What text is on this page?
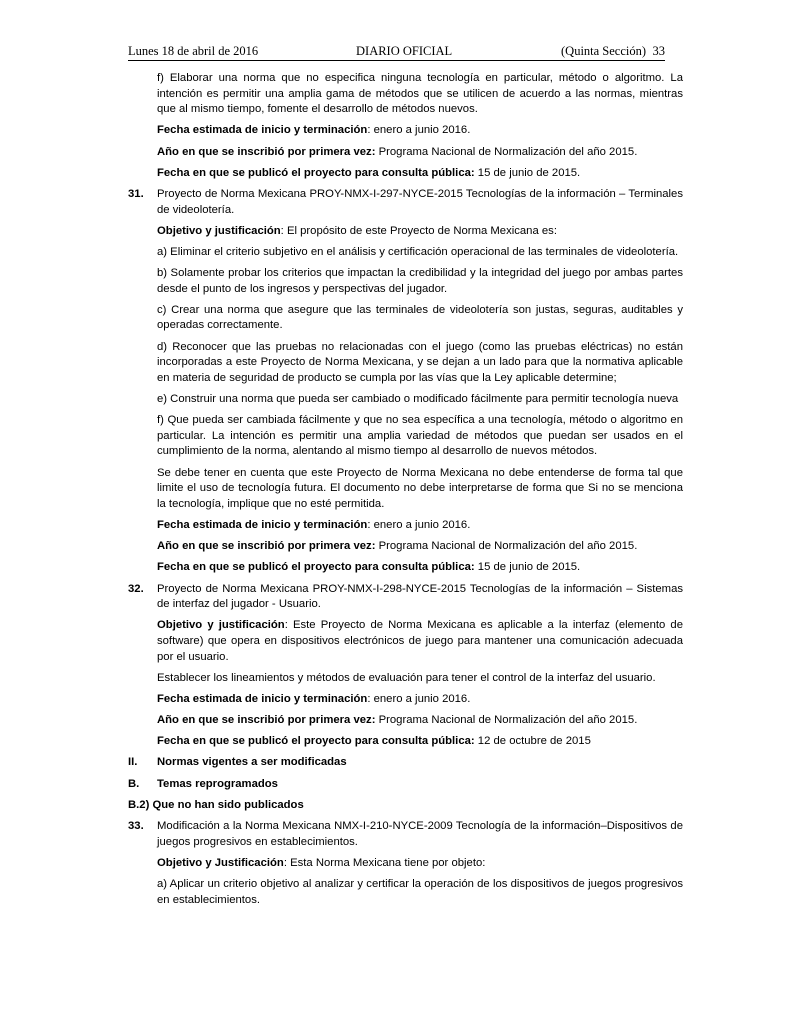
Lunes 18 de abril de 2016	DIARIO OFICIAL	(Quinta Sección) 33

f) Elaborar una norma que no especifica ninguna tecnología en particular, método o algoritmo. La intención es permitir una amplia gama de métodos que se utilicen de acuerdo a las normas, mientras que al mismo tiempo, fomente el desarrollo de métodos nuevos.

Fecha estimada de inicio y terminación: enero a junio 2016.

Año en que se inscribió por primera vez: Programa Nacional de Normalización del año 2015.

Fecha en que se publicó el proyecto para consulta pública: 15 de junio de 2015.

31.	Proyecto de Norma Mexicana PROY-NMX-I-297-NYCE-2015 Tecnologías de la información – Terminales de videolotería.

Objetivo y justificación: El propósito de este Proyecto de Norma Mexicana es:

a) Eliminar el criterio subjetivo en el análisis y certificación operacional de las terminales de videolotería.

b) Solamente probar los criterios que impactan la credibilidad y la integridad del juego por ambas partes desde el punto de los ingresos y perspectivas del jugador.

c) Crear una norma que asegure que las terminales de videolotería son justas, seguras, auditables y operadas correctamente.

d) Reconocer que las pruebas no relacionadas con el juego (como las pruebas eléctricas) no están incorporadas a este Proyecto de Norma Mexicana, y se dejan a un lado para que la normativa aplicable en materia de seguridad de producto se cumpla por las vías que la Ley aplicable determine;

e) Construir una norma que pueda ser cambiado o modificado fácilmente para permitir tecnología nueva

f) Que pueda ser cambiada fácilmente y que no sea específica a una tecnología, método o algoritmo en particular. La intención es permitir una amplia variedad de métodos que puedan ser usados en el cumplimiento de la norma, alentando al mismo tiempo al desarrollo de nuevos métodos.

Se debe tener en cuenta que este Proyecto de Norma Mexicana no debe entenderse de forma tal que limite el uso de tecnología futura. El documento no debe interpretarse de forma que Si no se menciona la tecnología, implique que no esté permitida.

Fecha estimada de inicio y terminación: enero a junio 2016.

Año en que se inscribió por primera vez: Programa Nacional de Normalización del año 2015.

Fecha en que se publicó el proyecto para consulta pública: 15 de junio de 2015.

32.	Proyecto de Norma Mexicana PROY-NMX-I-298-NYCE-2015 Tecnologías de la información – Sistemas de interfaz del jugador - Usuario.

Objetivo y justificación: Este Proyecto de Norma Mexicana es aplicable a la interfaz (elemento de software) que opera en dispositivos electrónicos de juego para mantener una comunicación adecuada por el usuario.

Establecer los lineamientos y métodos de evaluación para tener el control de la interfaz del usuario.

Fecha estimada de inicio y terminación: enero a junio 2016.

Año en que se inscribió por primera vez: Programa Nacional de Normalización del año 2015.

Fecha en que se publicó el proyecto para consulta pública: 12 de octubre de 2015

II.	Normas vigentes a ser modificadas
B.	Temas reprogramados

B.2) Que no han sido publicados

33.	Modificación a la Norma Mexicana NMX-I-210-NYCE-2009 Tecnología de la información–Dispositivos de juegos progresivos en establecimientos.

Objetivo y Justificación: Esta Norma Mexicana tiene por objeto:

a) Aplicar un criterio objetivo al analizar y certificar la operación de los dispositivos de juegos progresivos en establecimientos.
